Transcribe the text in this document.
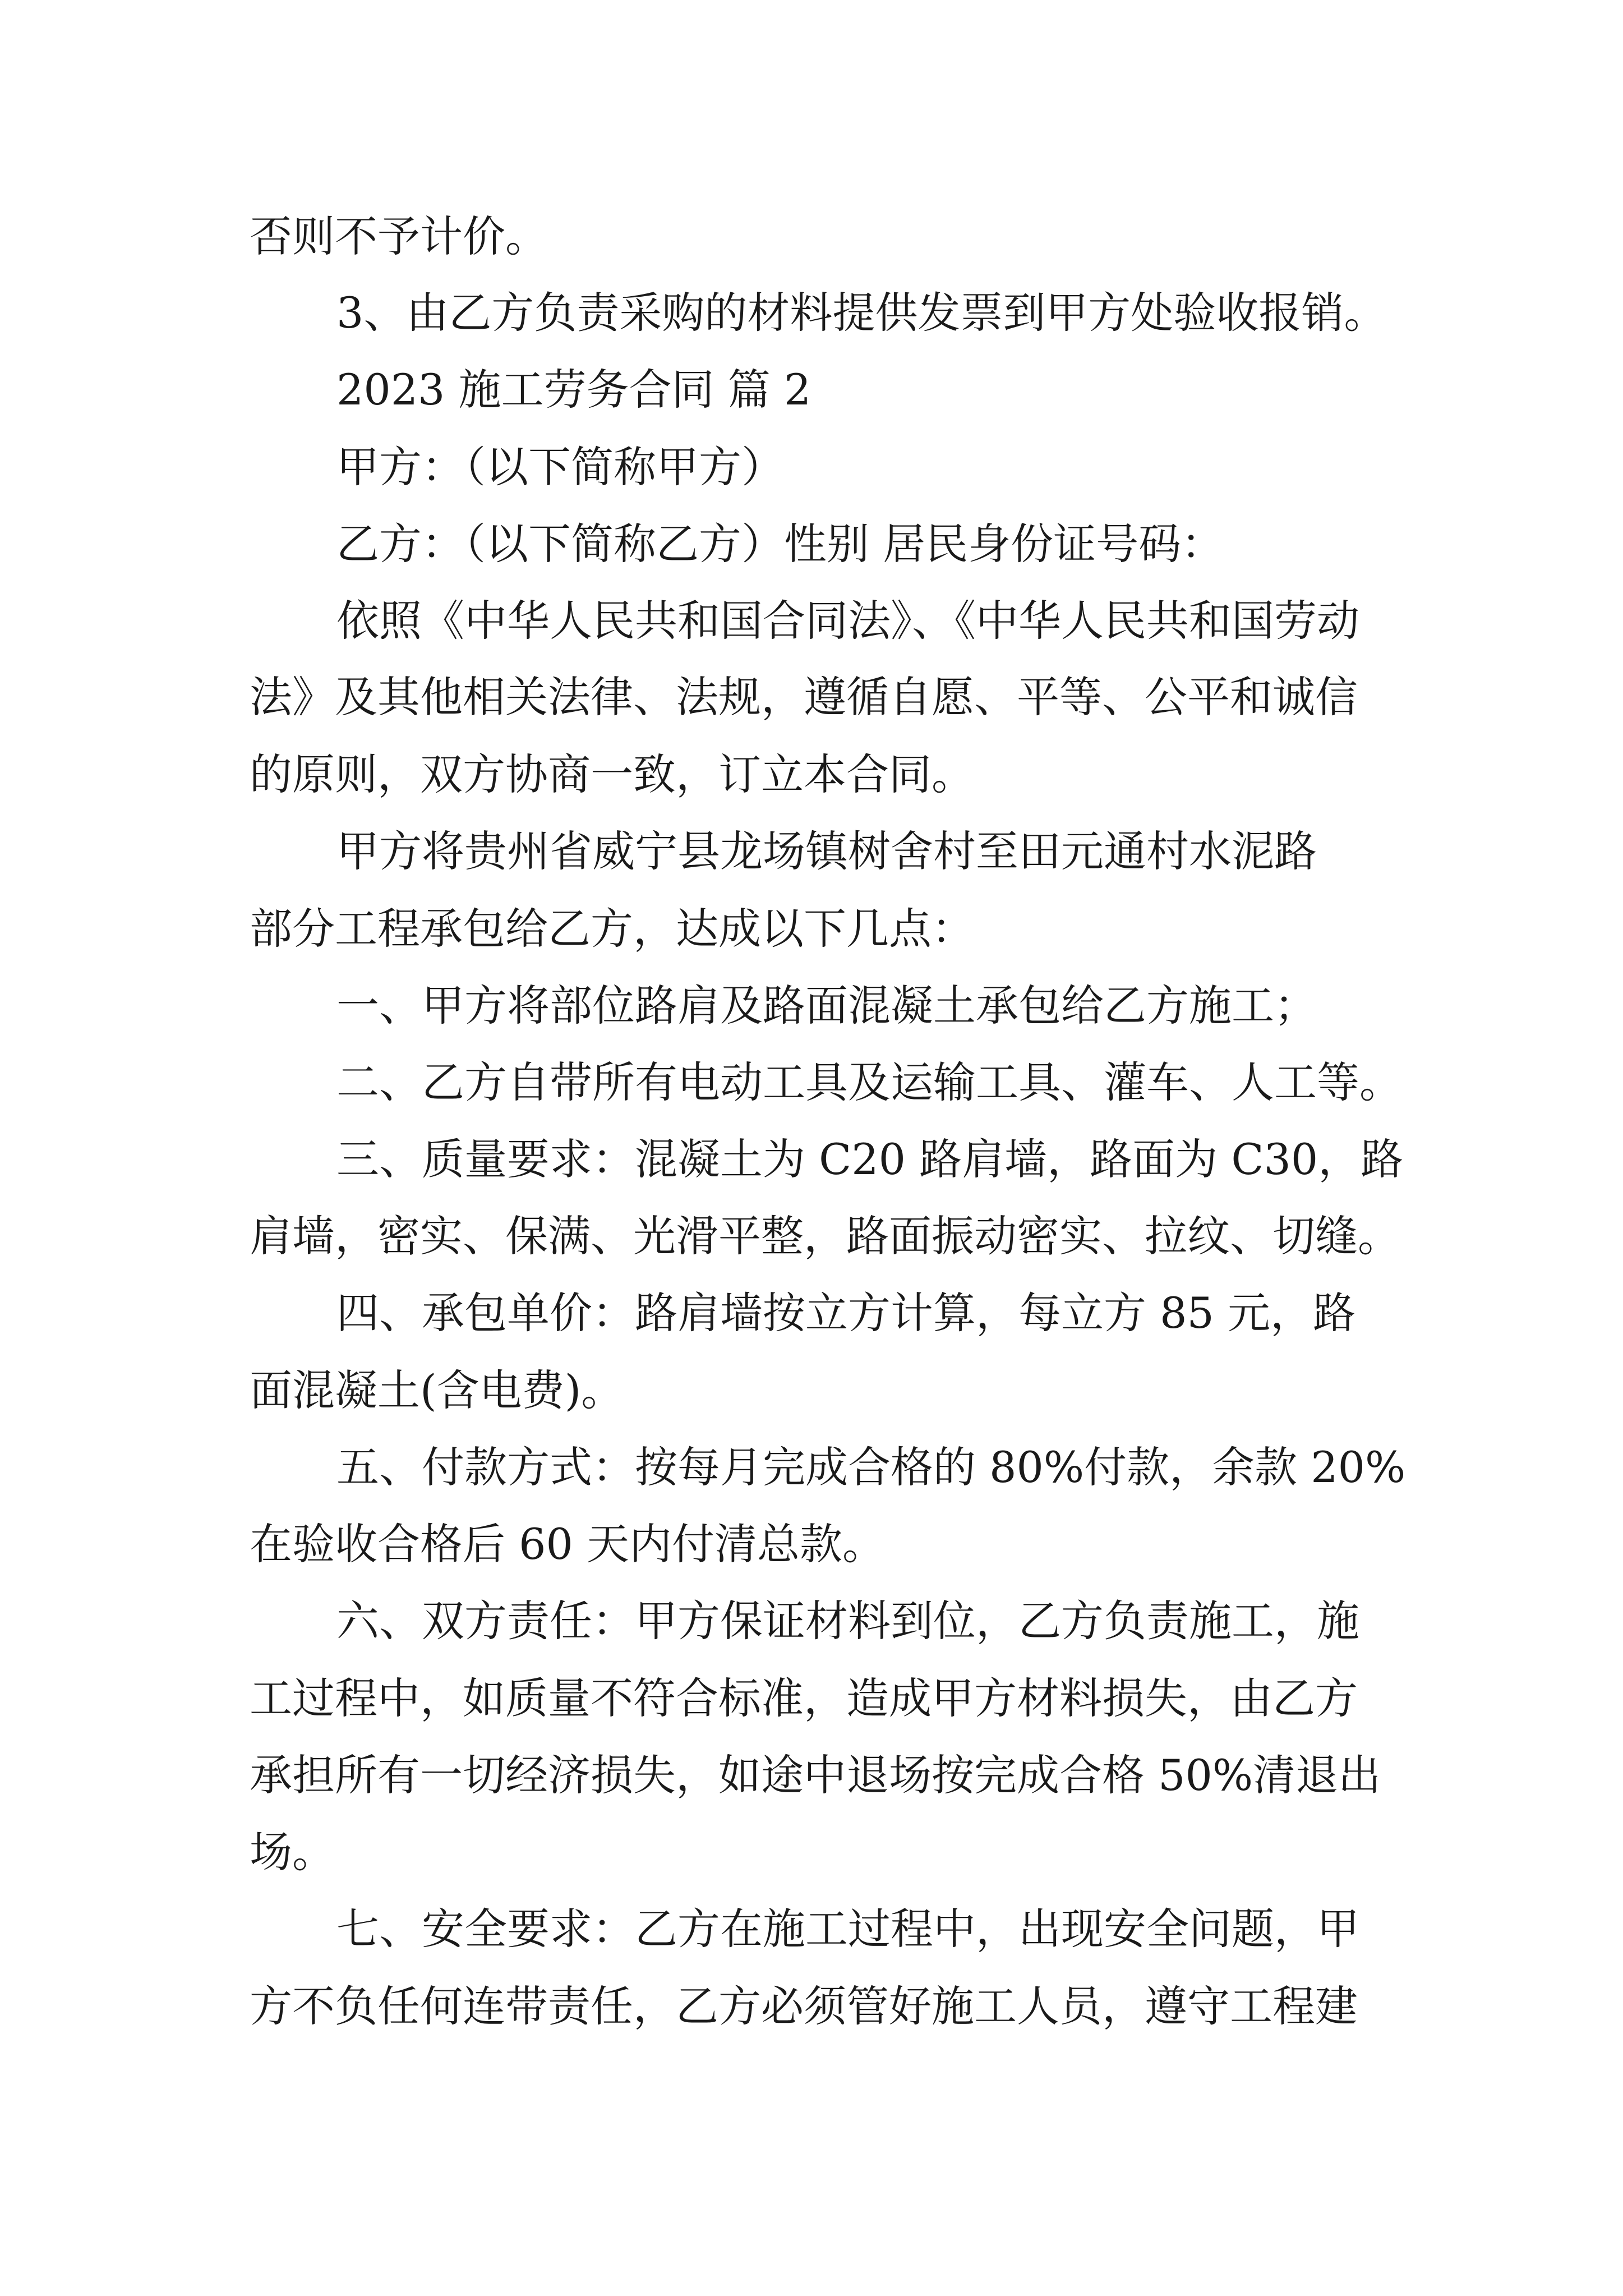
否则不予计价。
3、由乙方负责采购的材料提供发票到甲方处验收报销。
2023 施工劳务合同 篇 2
甲方：（以下简称甲方）
乙方：（以下简称乙方）性别 居民身份证号码：
依照《中华人民共和国合同法》、《中华人民共和国劳动
法》及其他相关法律、法规，遵循自愿、平等、公平和诚信
的原则，双方协商一致，订立本合同。
甲方将贵州省威宁县龙场镇树舍村至田元通村水泥路
部分工程承包给乙方，达成以下几点：
一、甲方将部位路肩及路面混凝土承包给乙方施工；
二、乙方自带所有电动工具及运输工具、灌车、人工等。
三、质量要求：混凝土为 C20 路肩墙，路面为 C30，路
肩墙，密实、保满、光滑平整，路面振动密实、拉纹、切缝。
四、承包单价：路肩墙按立方计算，每立方 85 元，路
面混凝土(含电费)。
五、付款方式：按每月完成合格的 80%付款，余款 20%
在验收合格后 60 天内付清总款。
六、双方责任：甲方保证材料到位，乙方负责施工，施
工过程中，如质量不符合标准，造成甲方材料损失，由乙方
承担所有一切经济损失，如途中退场按完成合格 50%清退出
场。
七、安全要求：乙方在施工过程中，出现安全问题，甲
方不负任何连带责任，乙方必须管好施工人员，遵守工程建
